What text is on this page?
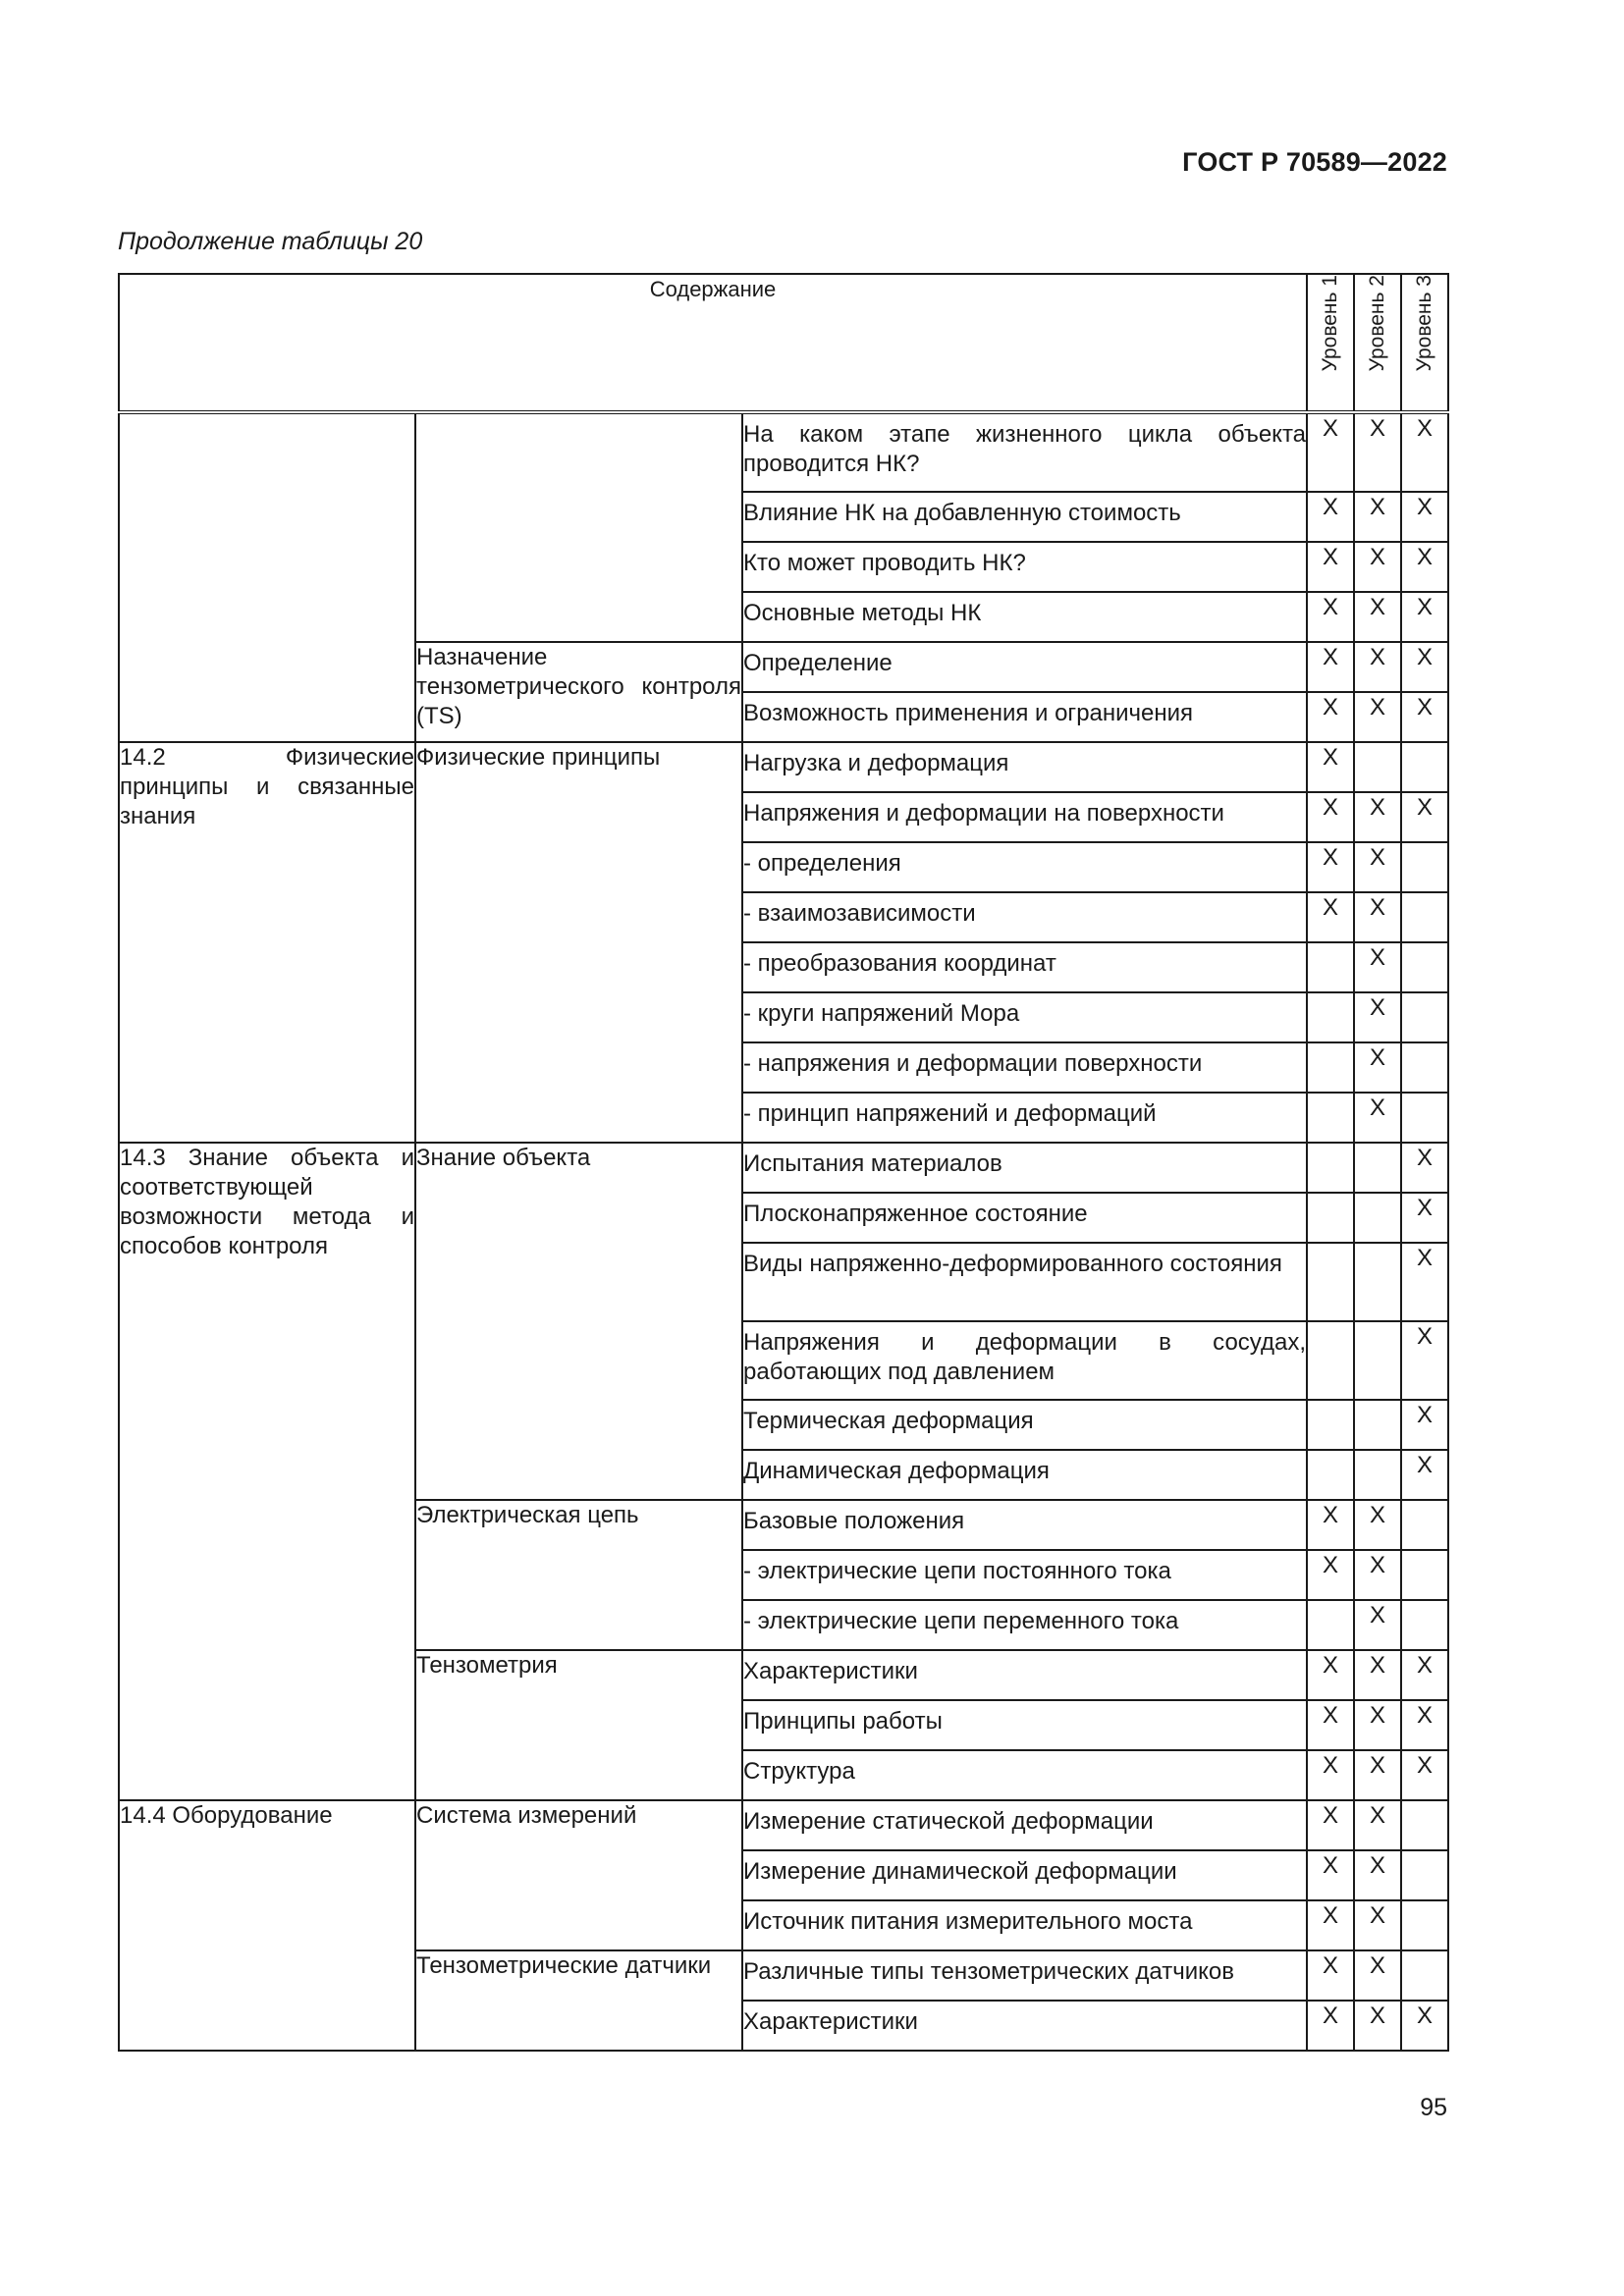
ГОСТ Р 70589—2022
Продолжение таблицы 20
Содержание			Уровень 1	Уровень 2	Уровень 3

		На каком этапе жизненного цикла объекта проводится НК?	X	X	X

		Влияние НК на добавленную стоимость	X	X	X

		Кто может проводить НК?	X	X	X

		Основные методы НК	X	X	X
	Назначение тензометрического контроля (TS)	Определение	X	X	X

		Возможность применения и ограничения	X	X	X
14.2 Физические принципы и связанные знания	Физические принципы	Нагрузка и деформация	X		

		Напряжения и деформации на поверхности	X	X	X

		- определения	X	X	

		- взаимозависимости	X	X	

		- преобразования координат		X	

		- круги напряжений Мора		X	

		- напряжения и деформации поверхности		X	

		- принцип напряжений и деформаций		X	
14.3 Знание объекта и соответствующей возможности метода и способов контроля	Знание объекта	Испытания материалов			X

		Плосконапряженное состояние			X

		Виды напряженно-деформированного состояния			X

		Напряжения и деформации в сосудах, работающих под давлением			X

		Термическая деформация			X

		Динамическая деформация			X
	Электрическая цепь	Базовые положения	X	X	

		- электрические цепи постоянного тока	X	X	

		- электрические цепи переменного тока		X	
	Тензометрия	Характеристики	X	X	X

		Принципы работы	X	X	X

		Структура	X	X	X
14.4 Оборудование	Система измерений	Измерение статической деформации	X	X	

		Измерение динамической деформации	X	X	

		Источник питания измерительного моста	X	X	
	Тензометрические датчики	Различные типы тензометрических датчиков	X	X	

		Характеристики	X	X	X
95
